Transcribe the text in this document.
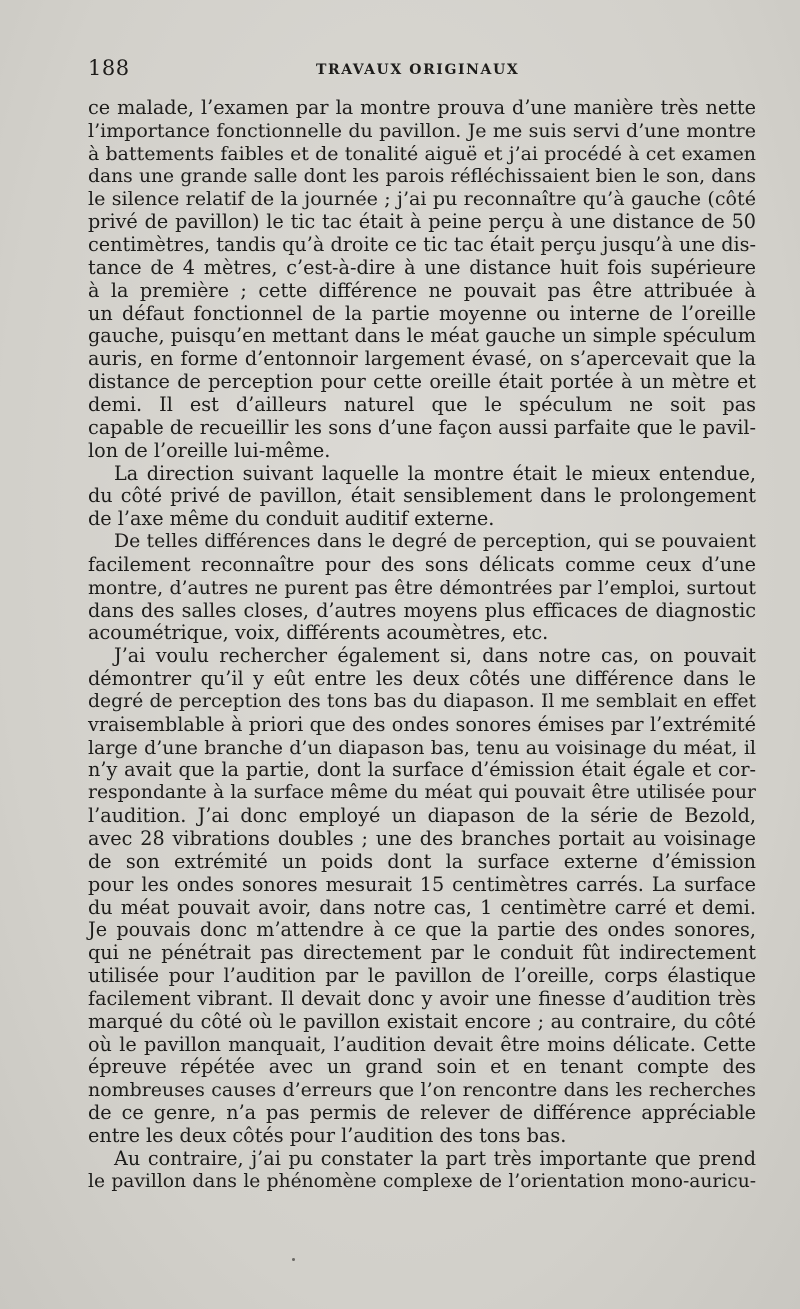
188	TRAVAUX ORIGINAUX
ce malade, l’examen par la montre prouva d’une manière très nette
l’importance fonctionnelle du pavillon. Je me suis servi d’une montre
à battements faibles et de tonalité aiguë et j’ai procédé à cet examen
dans une grande salle dont les parois réfléchissaient bien le son, dans
le silence relatif de la journée ; j’ai pu reconnaître qu’à gauche (côté
privé de pavillon) le tic tac était à peine perçu à une distance de 50
centimètres, tandis qu’à droite ce tic tac était perçu jusqu’à une dis-
tance de 4 mètres, c’est-à-dire à une distance huit fois supérieure
à la première ; cette différence ne pouvait pas être attribuée à
un défaut fonctionnel de la partie moyenne ou interne de l’oreille
gauche, puisqu’en mettant dans le méat gauche un simple spéculum
auris, en forme d’entonnoir largement évasé, on s’apercevait que la
distance de perception pour cette oreille était portée à un mètre et
demi. Il est d’ailleurs naturel que le spéculum ne soit pas
capable de recueillir les sons d’une façon aussi parfaite que le pavil-
lon de l’oreille lui-même.
La direction suivant laquelle la montre était le mieux entendue,
du côté privé de pavillon, était sensiblement dans le prolongement
de l’axe même du conduit auditif externe.
De telles différences dans le degré de perception, qui se pouvaient
facilement reconnaître pour des sons délicats comme ceux d’une
montre, d’autres ne purent pas être démontrées par l’emploi, surtout
dans des salles closes, d’autres moyens plus efficaces de diagnostic
acoumétrique, voix, différents acoumètres, etc.
J’ai voulu rechercher également si, dans notre cas, on pouvait
démontrer qu’il y eût entre les deux côtés une différence dans le
degré de perception des tons bas du diapason. Il me semblait en effet
vraisemblable à priori que des ondes sonores émises par l’extrémité
large d’une branche d’un diapason bas, tenu au voisinage du méat, il
n’y avait que la partie, dont la surface d’émission était égale et cor-
respondante à la surface même du méat qui pouvait être utilisée pour
l’audition. J’ai donc employé un diapason de la série de Bezold,
avec 28 vibrations doubles ; une des branches portait au voisinage
de son extrémité un poids dont la surface externe d’émission
pour les ondes sonores mesurait 15 centimètres carrés. La surface
du méat pouvait avoir, dans notre cas, 1 centimètre carré et demi.
Je pouvais donc m’attendre à ce que la partie des ondes sonores,
qui ne pénétrait pas directement par le conduit fût indirectement
utilisée pour l’audition par le pavillon de l’oreille, corps élastique
facilement vibrant. Il devait donc y avoir une finesse d’audition très
marqué du côté où le pavillon existait encore ; au contraire, du côté
où le pavillon manquait, l’audition devait être moins délicate. Cette
épreuve répétée avec un grand soin et en tenant compte des
nombreuses causes d’erreurs que l’on rencontre dans les recherches
de ce genre, n’a pas permis de relever de différence appréciable
entre les deux côtés pour l’audition des tons bas.
Au contraire, j’ai pu constater la part très importante que prend
le pavillon dans le phénomène complexe de l’orientation mono-auricu-
